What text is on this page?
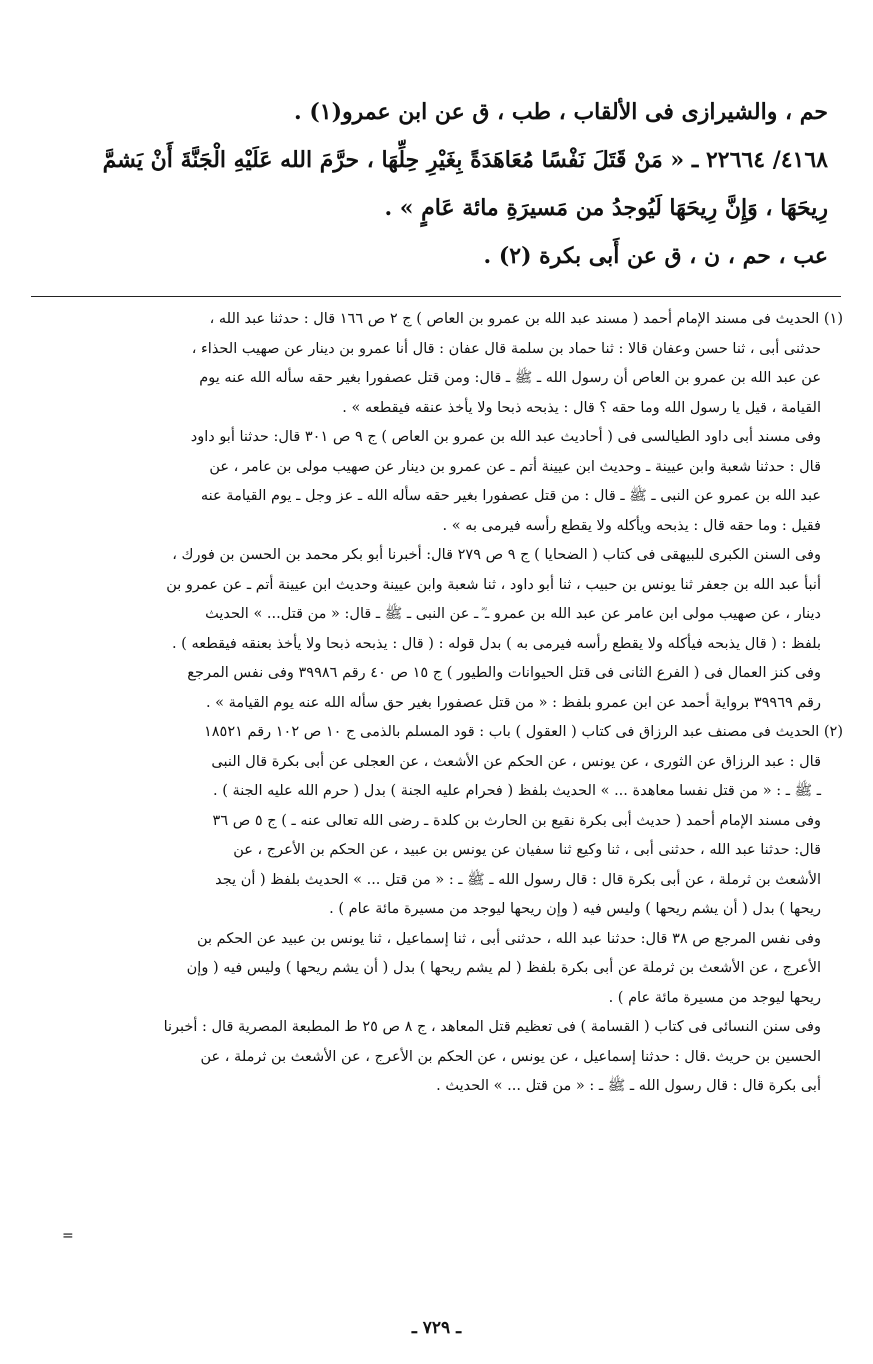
حم ، والشيرازى فى الألقاب ، طب ، ق عن ابن عمرو(١) .
٤١٦٨/ ٢٢٦٦٤ ـ « مَنْ قَتَلَ نَفْسًا مُعَاهَدَةً بِغَيْرِ حِلِّهَا ، حرَّمَ الله عَلَيْهِ الْجَنَّةَ أَنْ يَشمَّ
رِيحَهَا ، وَإِنَّ رِيحَهَا لَيُوجدُ من مَسيرَةِ مائة عَامٍ » .
عب ، حم ، ن ، ق عن أَبى بكرة (٢) .
(١) الحديث فى مسند الإمام أحمد ( مسند عبد الله بن عمرو بن العاص ) ج ٢ ص ١٦٦ قال : حدثنا عبد الله ،
حدثنى أبى ، ثنا حسن وعفان قالا : ثنا حماد بن سلمة قال عفان : قال أنا عمرو بن دينار عن صهيب الحذاء ،
عن عبد الله بن عمرو بن العاص أن رسول الله ـ ﷺ ـ قال: ومن قتل عصفورا بغير حقه سأله الله عنه يوم
القيامة ، قيل يا رسول الله وما حقه ؟ قال : يذبحه ذبحا ولا يأخذ عنقه فيقطعه » .
وفى مسند أبى داود الطيالسى فى ( أحاديث عبد الله بن عمرو بن العاص ) ج ٩ ص ٣٠١ قال: حدثنا أبو داود
قال : حدثنا شعبة وابن عيينة ـ وحديث ابن عيينة أتم ـ عن عمرو بن دينار عن صهيب مولى بن عامر ، عن
عبد الله بن عمرو عن النبى ـ ﷺ ـ قال : من قتل عصفورا بغير حقه سأله الله ـ عز وجل ـ يوم القيامة عنه
فقيل : وما حقه قال : يذبحه ويأكله ولا يقطع رأسه فيرمى به » .
وفى السنن الكبرى للبيهقى فى كتاب ( الضحايا ) ج ٩ ص ٢٧٩ قال: أخبرنا أبو بكر محمد بن الحسن بن فورك ،
أنبأ عبد الله بن جعفر ثنا يونس بن حبيب ، ثنا أبو داود ، ثنا شعبة وابن عيينة وحديث ابن عيينة أتم ـ عن عمرو بن
دينار ، عن صهيب مولى ابن عامر عن عبد الله بن عمرو ـ ؓ ـ عن النبى ـ ﷺ ـ قال: « من قتل... » الحديث
بلفظ : ( قال يذبحه فيأكله ولا يقطع رأسه فيرمى به ) بدل قوله : ( قال : يذبحه ذبحا ولا يأخذ بعنقه فيقطعه ) .
وفى كنز العمال فى ( الفرع الثانى فى قتل الحيوانات والطيور ) ج ١٥ ص ٤٠ رقم ٣٩٩٨٦ وفى نفس المرجع
رقم ٣٩٩٦٩ برواية أحمد عن ابن عمرو بلفظ : « من قتل عصفورا بغير حق سأله الله عنه يوم القيامة » .
(٢) الحديث فى مصنف عبد الرزاق فى كتاب ( العقول ) باب : قود المسلم بالذمى ج ١٠ ص ١٠٢ رقم ١٨٥٢١
قال : عبد الرزاق عن الثورى ، عن يونس ، عن الحكم عن الأشعث ، عن العجلى عن أبى بكرة قال النبى
ـ ﷺ ـ : « من قتل نفسا معاهدة ... » الحديث بلفظ ( فحرام عليه الجنة ) بدل ( حرم الله عليه الجنة ) .
وفى مسند الإمام أحمد ( حديث أبى بكرة نقيع بن الحارث بن كلدة ـ رضى الله تعالى عنه ـ ) ج ٥ ص ٣٦
قال: حدثنا عبد الله ، حدثنى أبى ، ثنا وكيع ثنا سفيان عن يونس بن عبيد ، عن الحكم بن الأعرج ، عن
الأشعث بن ثرملة ، عن أبى بكرة قال : قال رسول الله ـ ﷺ ـ : « من قتل ... » الحديث بلفظ ( أن يجد
ريحها ) بدل ( أن يشم ريحها ) وليس فيه ( وإن ريحها ليوجد من مسيرة مائة عام ) .
وفى نفس المرجع ص ٣٨ قال: حدثنا عبد الله ، حدثنى أبى ، ثنا إسماعيل ، ثنا يونس بن عبيد عن الحكم بن
الأعرج ، عن الأشعث بن ثرملة عن أبى بكرة بلفظ ( لم يشم ريحها ) بدل ( أن يشم ريحها ) وليس فيه ( وإن
ريحها ليوجد من مسيرة مائة عام ) .
وفى سنن النسائى فى كتاب ( القسامة ) فى تعظيم قتل المعاهد ، ج ٨ ص ٢٥ ط المطبعة المصرية قال : أخبرنا
الحسين بن حريث .قال : حدثنا إسماعيل ، عن يونس ، عن الحكم بن الأعرج ، عن الأشعث بن ثرملة ، عن
أبى بكرة قال : قال رسول الله ـ ﷺ ـ : « من قتل ... » الحديث .
=
ـ ٧٢٩ ـ
